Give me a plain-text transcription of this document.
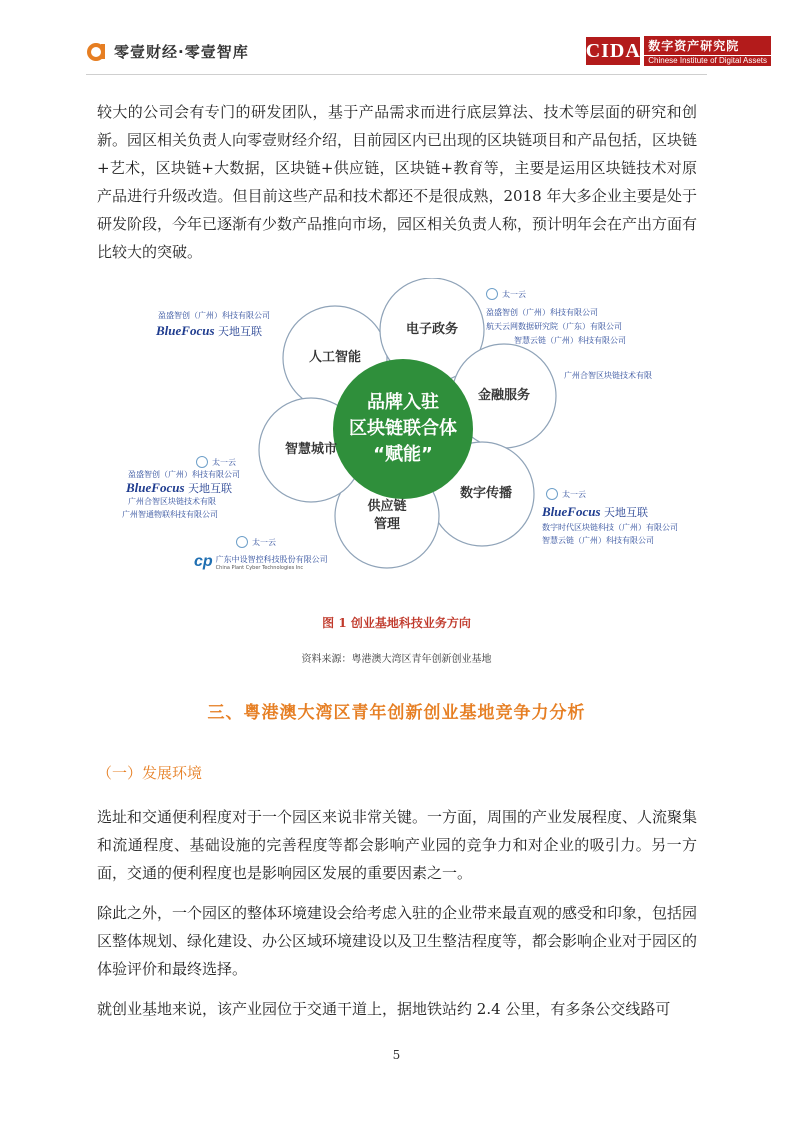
零壹财经·零壹智库	CIDA 数字资产研究院
Chinese Institute of Digital Assets

较大的公司会有专门的研发团队，基于产品需求而进行底层算法、技术等层面的研究和创新。园区相关负责人向零壹财经介绍，目前园区内已出现的区块链项目和产品包括，区块链+艺术，区块链+大数据，区块链+供应链，区块链+教育等，主要是运用区块链技术对原产品进行升级改造。但目前这些产品和技术都还不是很成熟，2018 年大多企业主要是处于研发阶段，今年已逐渐有少数产品推向市场，园区相关负责人称，预计明年会在产出方面有比较大的突破。

人工智能
电子政务
金融服务
数字传播
供应链
管理
智慧城市
品牌入驻
区块链联合体
“赋能”
盈盛智创（广州）科技有限公司
BlueFocus 天地互联
太一云
盈盛智创（广州）科技有限公司
航天云网数据研究院（广东）有限公司
智慧云链（广州）科技有限公司
广州合智区块链技术有限
太一云
盈盛智创（广州）科技有限公司
BlueFocus 天地互联
广州合智区块链技术有限
广州智通物联科技有限公司
太一云
BlueFocus 天地互联
数字时代区块链科技（广州）有限公司
智慧云链（广州）科技有限公司
太一云
cp 广东中设智控科技股份有限公司
China Plant Cyber Technologies Inc
图 1 创业基地科技业务方向
资料来源：粤港澳大湾区青年创新创业基地
三、粤港澳大湾区青年创新创业基地竞争力分析
（一）发展环境

选址和交通便利程度对于一个园区来说非常关键。一方面，周围的产业发展程度、人流聚集和流通程度、基础设施的完善程度等都会影响产业园的竞争力和对企业的吸引力。另一方面，交通的便利程度也是影响园区发展的重要因素之一。

除此之外，一个园区的整体环境建设会给考虑入驻的企业带来最直观的感受和印象，包括园区整体规划、绿化建设、办公区域环境建设以及卫生整洁程度等，都会影响企业对于园区的体验评价和最终选择。

就创业基地来说，该产业园位于交通干道上，据地铁站约 2.4 公里，有多条公交线路可

5
